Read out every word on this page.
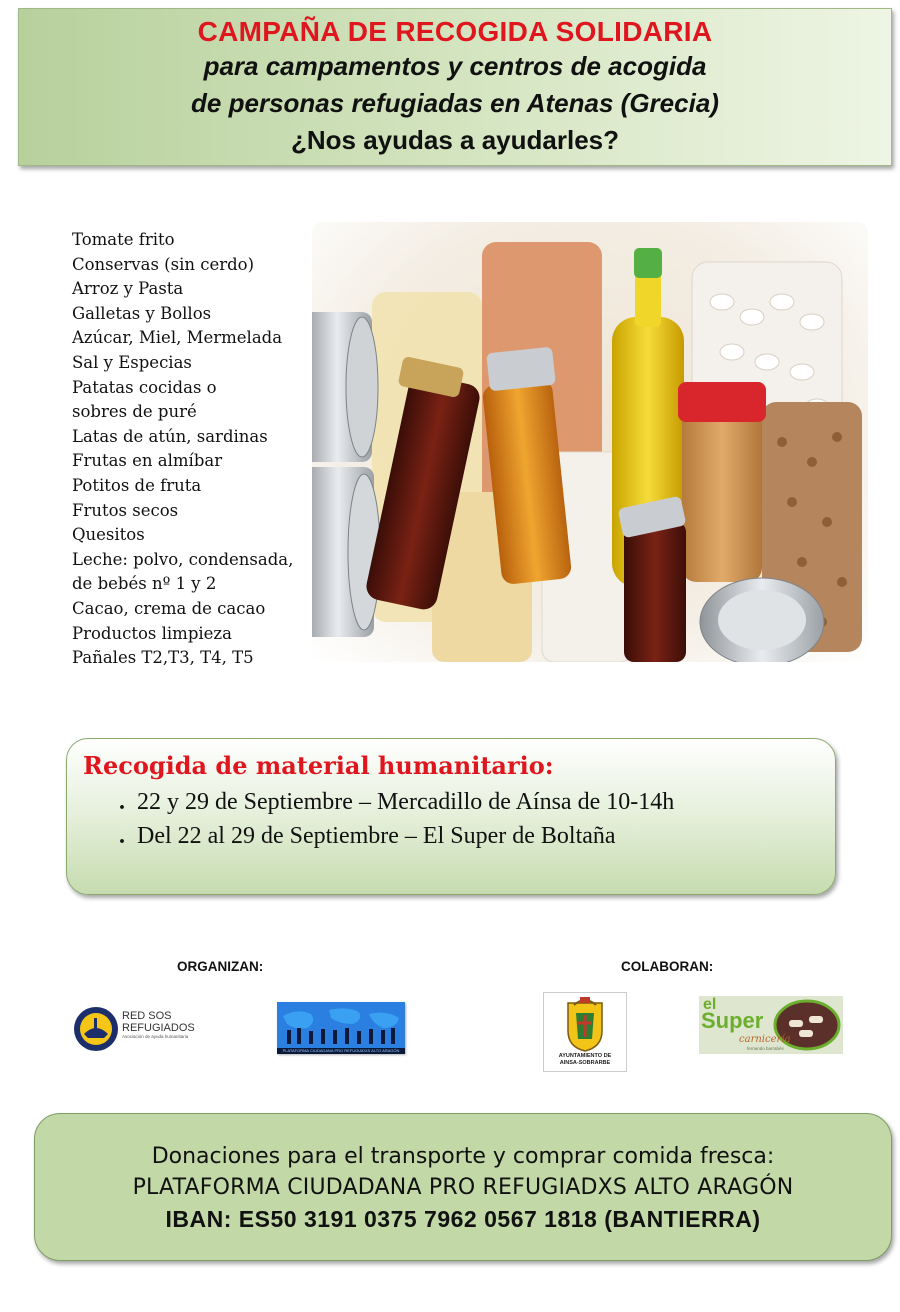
CAMPAÑA DE RECOGIDA SOLIDARIA
para campamentos y centros de acogida
de personas refugiadas en Atenas (Grecia)
¿Nos ayudas a ayudarles?
Tomate frito
Conservas (sin cerdo)
Arroz y Pasta
Galletas y Bollos
Azúcar, Miel, Mermelada
Sal y Especias
Patatas cocidas o
sobres de puré
Latas de atún, sardinas
Frutas en almíbar
Potitos de fruta
Frutos secos
Quesitos
Leche: polvo, condensada,
de bebés nº 1 y 2
Cacao, crema de cacao
Productos limpieza
Pañales T2,T3, T4, T5
Recogida de material humanitario:
. 22 y 29 de Septiembre – Mercadillo de Aínsa de 10-14h
. Del 22 al 29 de Septiembre – El Super de Boltaña
ORGANIZAN:
RED SOS
REFUGIADOS
Asociación de ayuda humanitaria
PLATAFORMA CIUDADANA PRO REFUGIADXS ALTO ARAGÓN
COLABORAN:
AYUNTAMIENTO DE
AINSA-SOBRARBE
el
Super
carnicería
fernando barrabés
Donaciones para el transporte y comprar comida fresca:
PLATAFORMA CIUDADANA PRO REFUGIADXS ALTO ARAGÓN
IBAN: ES50 3191 0375 7962 0567 1818 (BANTIERRA)
